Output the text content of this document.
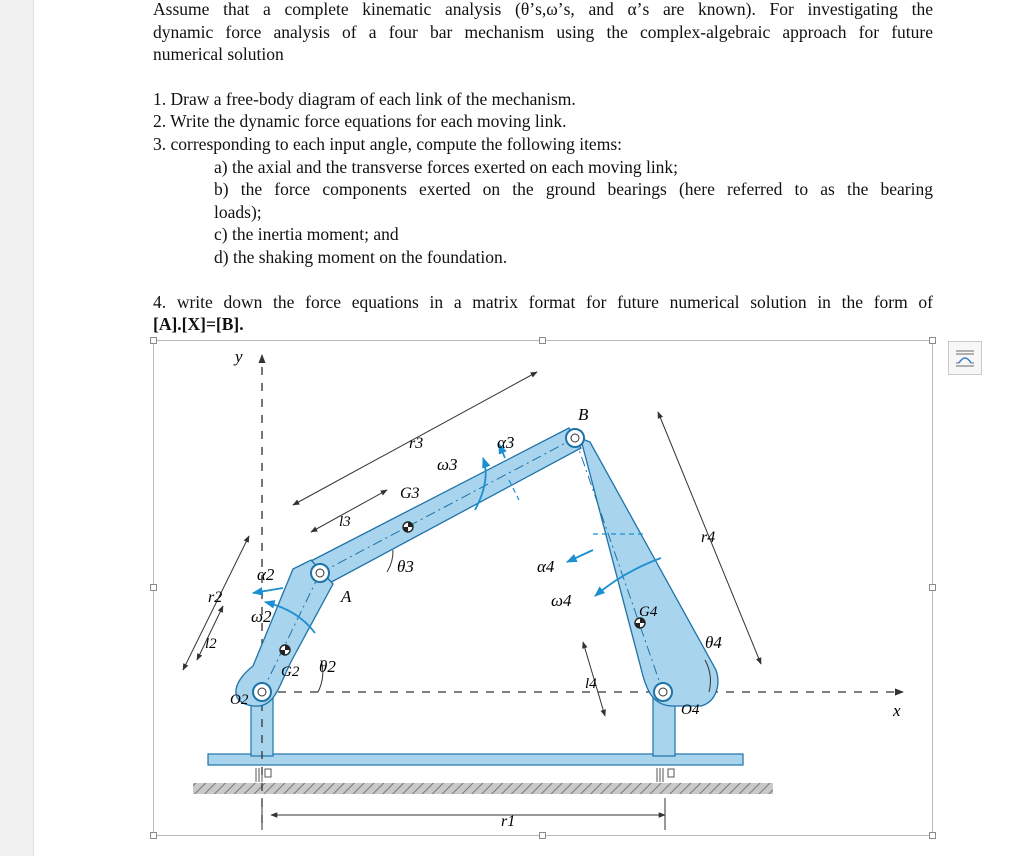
Assume that a complete kinematic analysis (θ’s,ω’s, and α’s are known). For investigating the

dynamic force analysis of a four bar mechanism using the complex-algebraic approach for future

numerical solution

1. Draw a free-body diagram of each link of the mechanism.

2. Write the dynamic force equations for each moving link.

3. corresponding to each input angle, compute the following items:

a) the axial and the transverse forces exerted on each moving link;

b) the force components exerted on the ground bearings (here referred to as the bearing

loads);

c) the inertia moment; and

d) the shaking moment on the foundation.

4. write down the force equations in a matrix format for future numerical solution in the form of

[A].[X]=[B].

y
x
B
A
O2
O4
G2
G3
G4
r1
r2
r3
r4
l2
l3
l4
α2
α3
α4
ω2
ω3
ω4
θ2
θ3
θ4
